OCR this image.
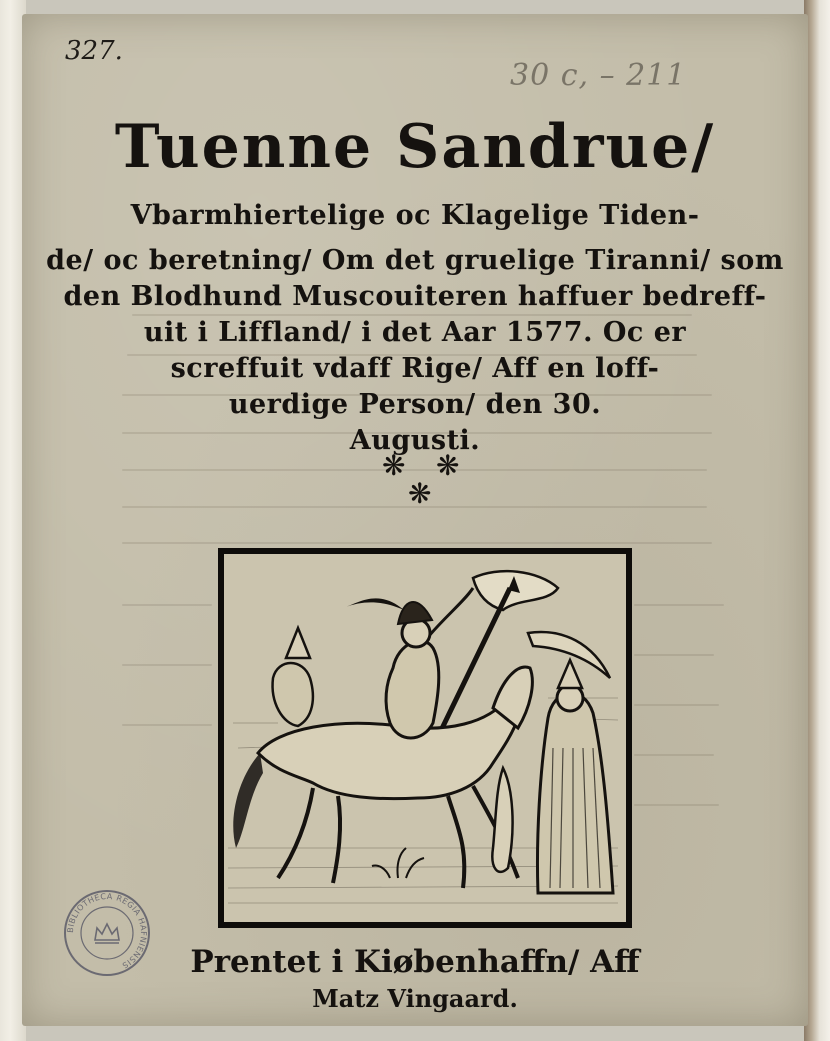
327.
30 c, – 211
Tuenne Sandrue/
Vbarmhiertelige oc Klagelige Tiden-
de/ oc beretning/ Om det gruelige Tiranni/ som
den Blodhund Muscouiteren haffuer bedreff-
uit i Liffland/ i det Aar 1577. Oc er
screffuit vdaff Rige/ Aff en loff-
uerdige Person/ den 30.
Augusti.
❋ ❋
❋
Prentet i Kiøbenhaffn/ Aff
Matz Vingaard.
BIBLIOTHECA REGIA HAFNIENSIS
